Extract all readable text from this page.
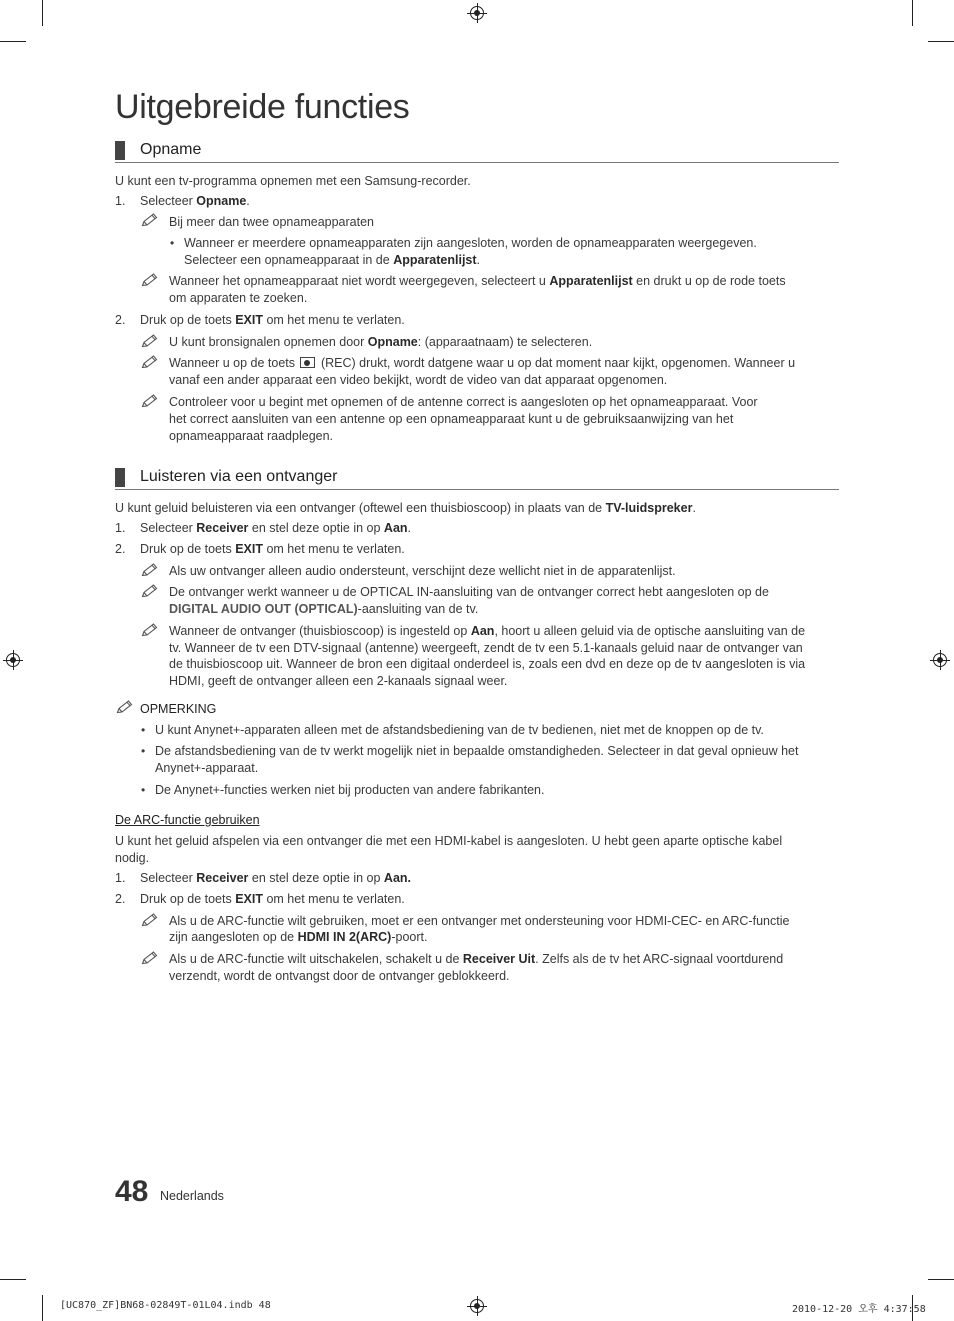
Uitgebreide functies
Opname
U kunt een tv-programma opnemen met een Samsung-recorder.
1. Selecteer Opname.
Bij meer dan twee opnameapparaten
• Wanneer er meerdere opnameapparaten zijn aangesloten, worden de opnameapparaten weergegeven.
Selecteer een opnameapparaat in de Apparatenlijst.
Wanneer het opnameapparaat niet wordt weergegeven, selecteert u Apparatenlijst en drukt u op de rode toets
om apparaten te zoeken.
2. Druk op de toets EXIT om het menu te verlaten.
U kunt bronsignalen opnemen door Opname: (apparaatnaam) te selecteren.
Wanneer u op de toets  (REC) drukt, wordt datgene waar u op dat moment naar kijkt, opgenomen. Wanneer u
vanaf een ander apparaat een video bekijkt, wordt de video van dat apparaat opgenomen.
Controleer voor u begint met opnemen of de antenne correct is aangesloten op het opnameapparaat. Voor
het correct aansluiten van een antenne op een opnameapparaat kunt u de gebruiksaanwijzing van het
opnameapparaat raadplegen.
Luisteren via een ontvanger
U kunt geluid beluisteren via een ontvanger (oftewel een thuisbioscoop) in plaats van de TV-luidspreker.
1. Selecteer Receiver en stel deze optie in op Aan.
2. Druk op de toets EXIT om het menu te verlaten.
Als uw ontvanger alleen audio ondersteunt, verschijnt deze wellicht niet in de apparatenlijst.
De ontvanger werkt wanneer u de OPTICAL IN-aansluiting van de ontvanger correct hebt aangesloten op de
DIGITAL AUDIO OUT (OPTICAL)-aansluiting van de tv.
Wanneer de ontvanger (thuisbioscoop) is ingesteld op Aan, hoort u alleen geluid via de optische aansluiting van de
tv. Wanneer de tv een DTV-signaal (antenne) weergeeft, zendt de tv een 5.1-kanaals geluid naar de ontvanger van
de thuisbioscoop uit. Wanneer de bron een digitaal onderdeel is, zoals een dvd en deze op de tv aangesloten is via
HDMI, geeft de ontvanger alleen een 2-kanaals signaal weer.
OPMERKING
• U kunt Anynet+-apparaten alleen met de afstandsbediening van de tv bedienen, niet met de knoppen op de tv.
• De afstandsbediening van de tv werkt mogelijk niet in bepaalde omstandigheden. Selecteer in dat geval opnieuw het
Anynet+-apparaat.
• De Anynet+-functies werken niet bij producten van andere fabrikanten.
De ARC-functie gebruiken
U kunt het geluid afspelen via een ontvanger die met een HDMI-kabel is aangesloten. U hebt geen aparte optische kabel
nodig.
1. Selecteer Receiver en stel deze optie in op Aan.
2. Druk op de toets EXIT om het menu te verlaten.
Als u de ARC-functie wilt gebruiken, moet er een ontvanger met ondersteuning voor HDMI-CEC- en ARC-functie
zijn aangesloten op de HDMI IN 2(ARC)-poort.
Als u de ARC-functie wilt uitschakelen, schakelt u de Receiver Uit. Zelfs als de tv het ARC-signaal voortdurend
verzendt, wordt de ontvangst door de ontvanger geblokkeerd.
48 Nederlands
[UC870_ZF]BN68-02849T-01L04.indb 48	2010-12-20 오후 4:37:58
